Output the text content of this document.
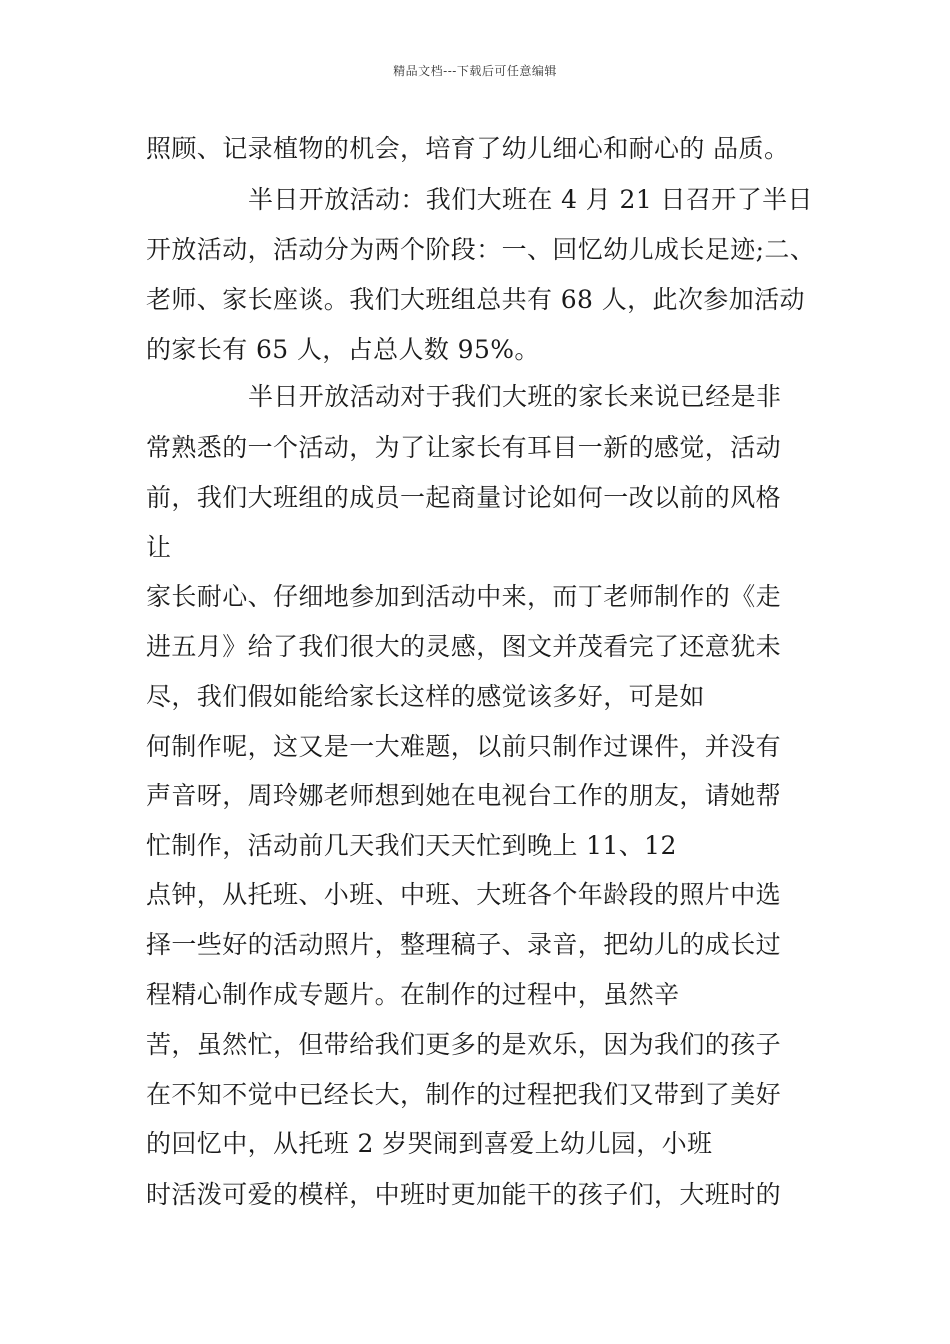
精品文档---下载后可任意编辑
照顾、记录植物的机会，培育了幼儿细心和耐心的 品质。
半日开放活动：我们大班在 4 月 21 日召开了半日
开放活动，活动分为两个阶段：一、回忆幼儿成长足迹;二、
老师、家长座谈。我们大班组总共有 68 人，此次参加活动
的家长有 65 人，占总人数 95%。
半日开放活动对于我们大班的家长来说已经是非
常熟悉的一个活动，为了让家长有耳目一新的感觉，活动
前，我们大班组的成员一起商量讨论如何一改以前的风格
让
家长耐心、仔细地参加到活动中来，而丁老师制作的《走
进五月》给了我们很大的灵感，图文并茂看完了还意犹未
尽，我们假如能给家长这样的感觉该多好，可是如
何制作呢，这又是一大难题，以前只制作过课件，并没有
声音呀，周玲娜老师想到她在电视台工作的朋友，请她帮
忙制作，活动前几天我们天天忙到晚上 11、12
点钟，从托班、小班、中班、大班各个年龄段的照片中选
择一些好的活动照片，整理稿子、录音，把幼儿的成长过
程精心制作成专题片。在制作的过程中，虽然辛
苦，虽然忙，但带给我们更多的是欢乐，因为我们的孩子
在不知不觉中已经长大，制作的过程把我们又带到了美好
的回忆中，从托班 2 岁哭闹到喜爱上幼儿园，小班
时活泼可爱的模样，中班时更加能干的孩子们，大班时的
